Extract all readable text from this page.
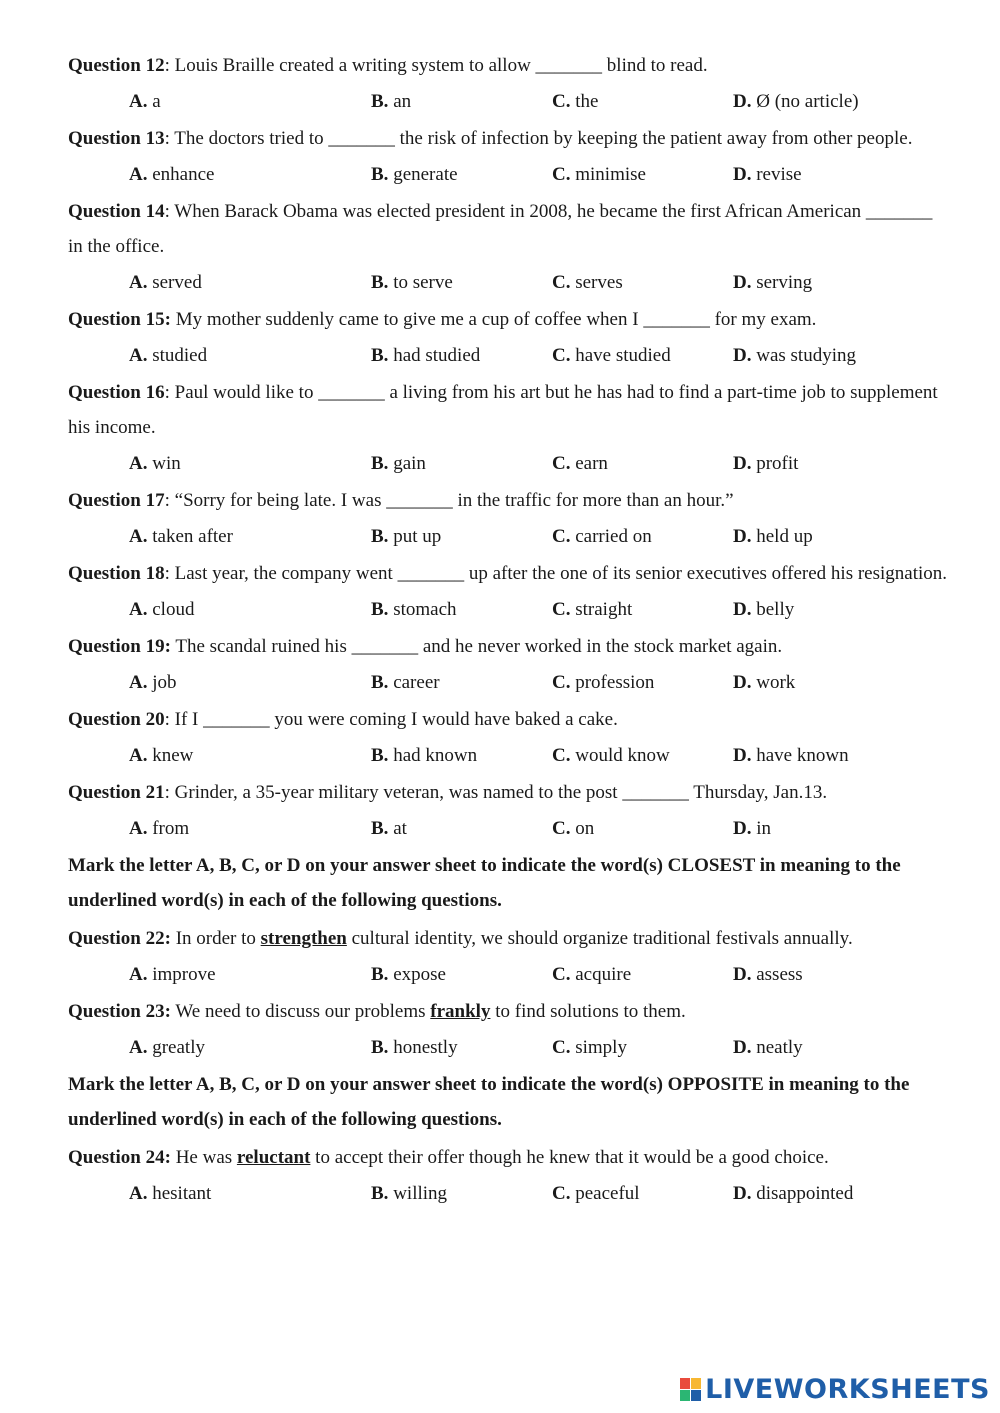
Question 12: Louis Braille created a writing system to allow _______ blind to read.

A. a	B. an	C. the	D. Ø (no article)

Question 13: The doctors tried to _______ the risk of infection by keeping the patient away from other people.

A. enhance	B. generate	C. minimise	D. revise

Question 14: When Barack Obama was elected president in 2008, he became the first African American _______ in the office.

A. served	B. to serve	C. serves	D. serving

Question 15: My mother suddenly came to give me a cup of coffee when I _______ for my exam.

A. studied	B. had studied	C. have studied	D. was studying

Question 16: Paul would like to _______ a living from his art but he has had to find a part-time job to supplement his income.

A. win	B. gain	C. earn	D. profit

Question 17: “Sorry for being late. I was _______ in the traffic for more than an hour.”

A. taken after	B. put up	C. carried on	D. held up

Question 18: Last year, the company went _______ up after the one of its senior executives offered his resignation.

A. cloud	B. stomach	C. straight	D. belly

Question 19: The scandal ruined his _______ and he never worked in the stock market again.

A. job	B. career	C. profession	D. work

Question 20: If I _______ you were coming I would have baked a cake.

A. knew	B. had known	C. would know	D. have known

Question 21: Grinder, a 35-year military veteran, was named to the post _______ Thursday, Jan.13.

A. from	B. at	C. on	D. in

Mark the letter A, B, C, or D on your answer sheet to indicate the word(s) CLOSEST in meaning to the underlined word(s) in each of the following questions.

Question 22: In order to strengthen cultural identity, we should organize traditional festivals annually.

A. improve	B. expose	C. acquire	D. assess

Question 23: We need to discuss our problems frankly to find solutions to them.

A. greatly	B. honestly	C. simply	D. neatly

Mark the letter A, B, C, or D on your answer sheet to indicate the word(s) OPPOSITE in meaning to the underlined word(s) in each of the following questions.

Question 24: He was reluctant to accept their offer though he knew that it would be a good choice.

A. hesitant	B. willing	C. peaceful	D. disappointed
LIVEWORKSHEETS
